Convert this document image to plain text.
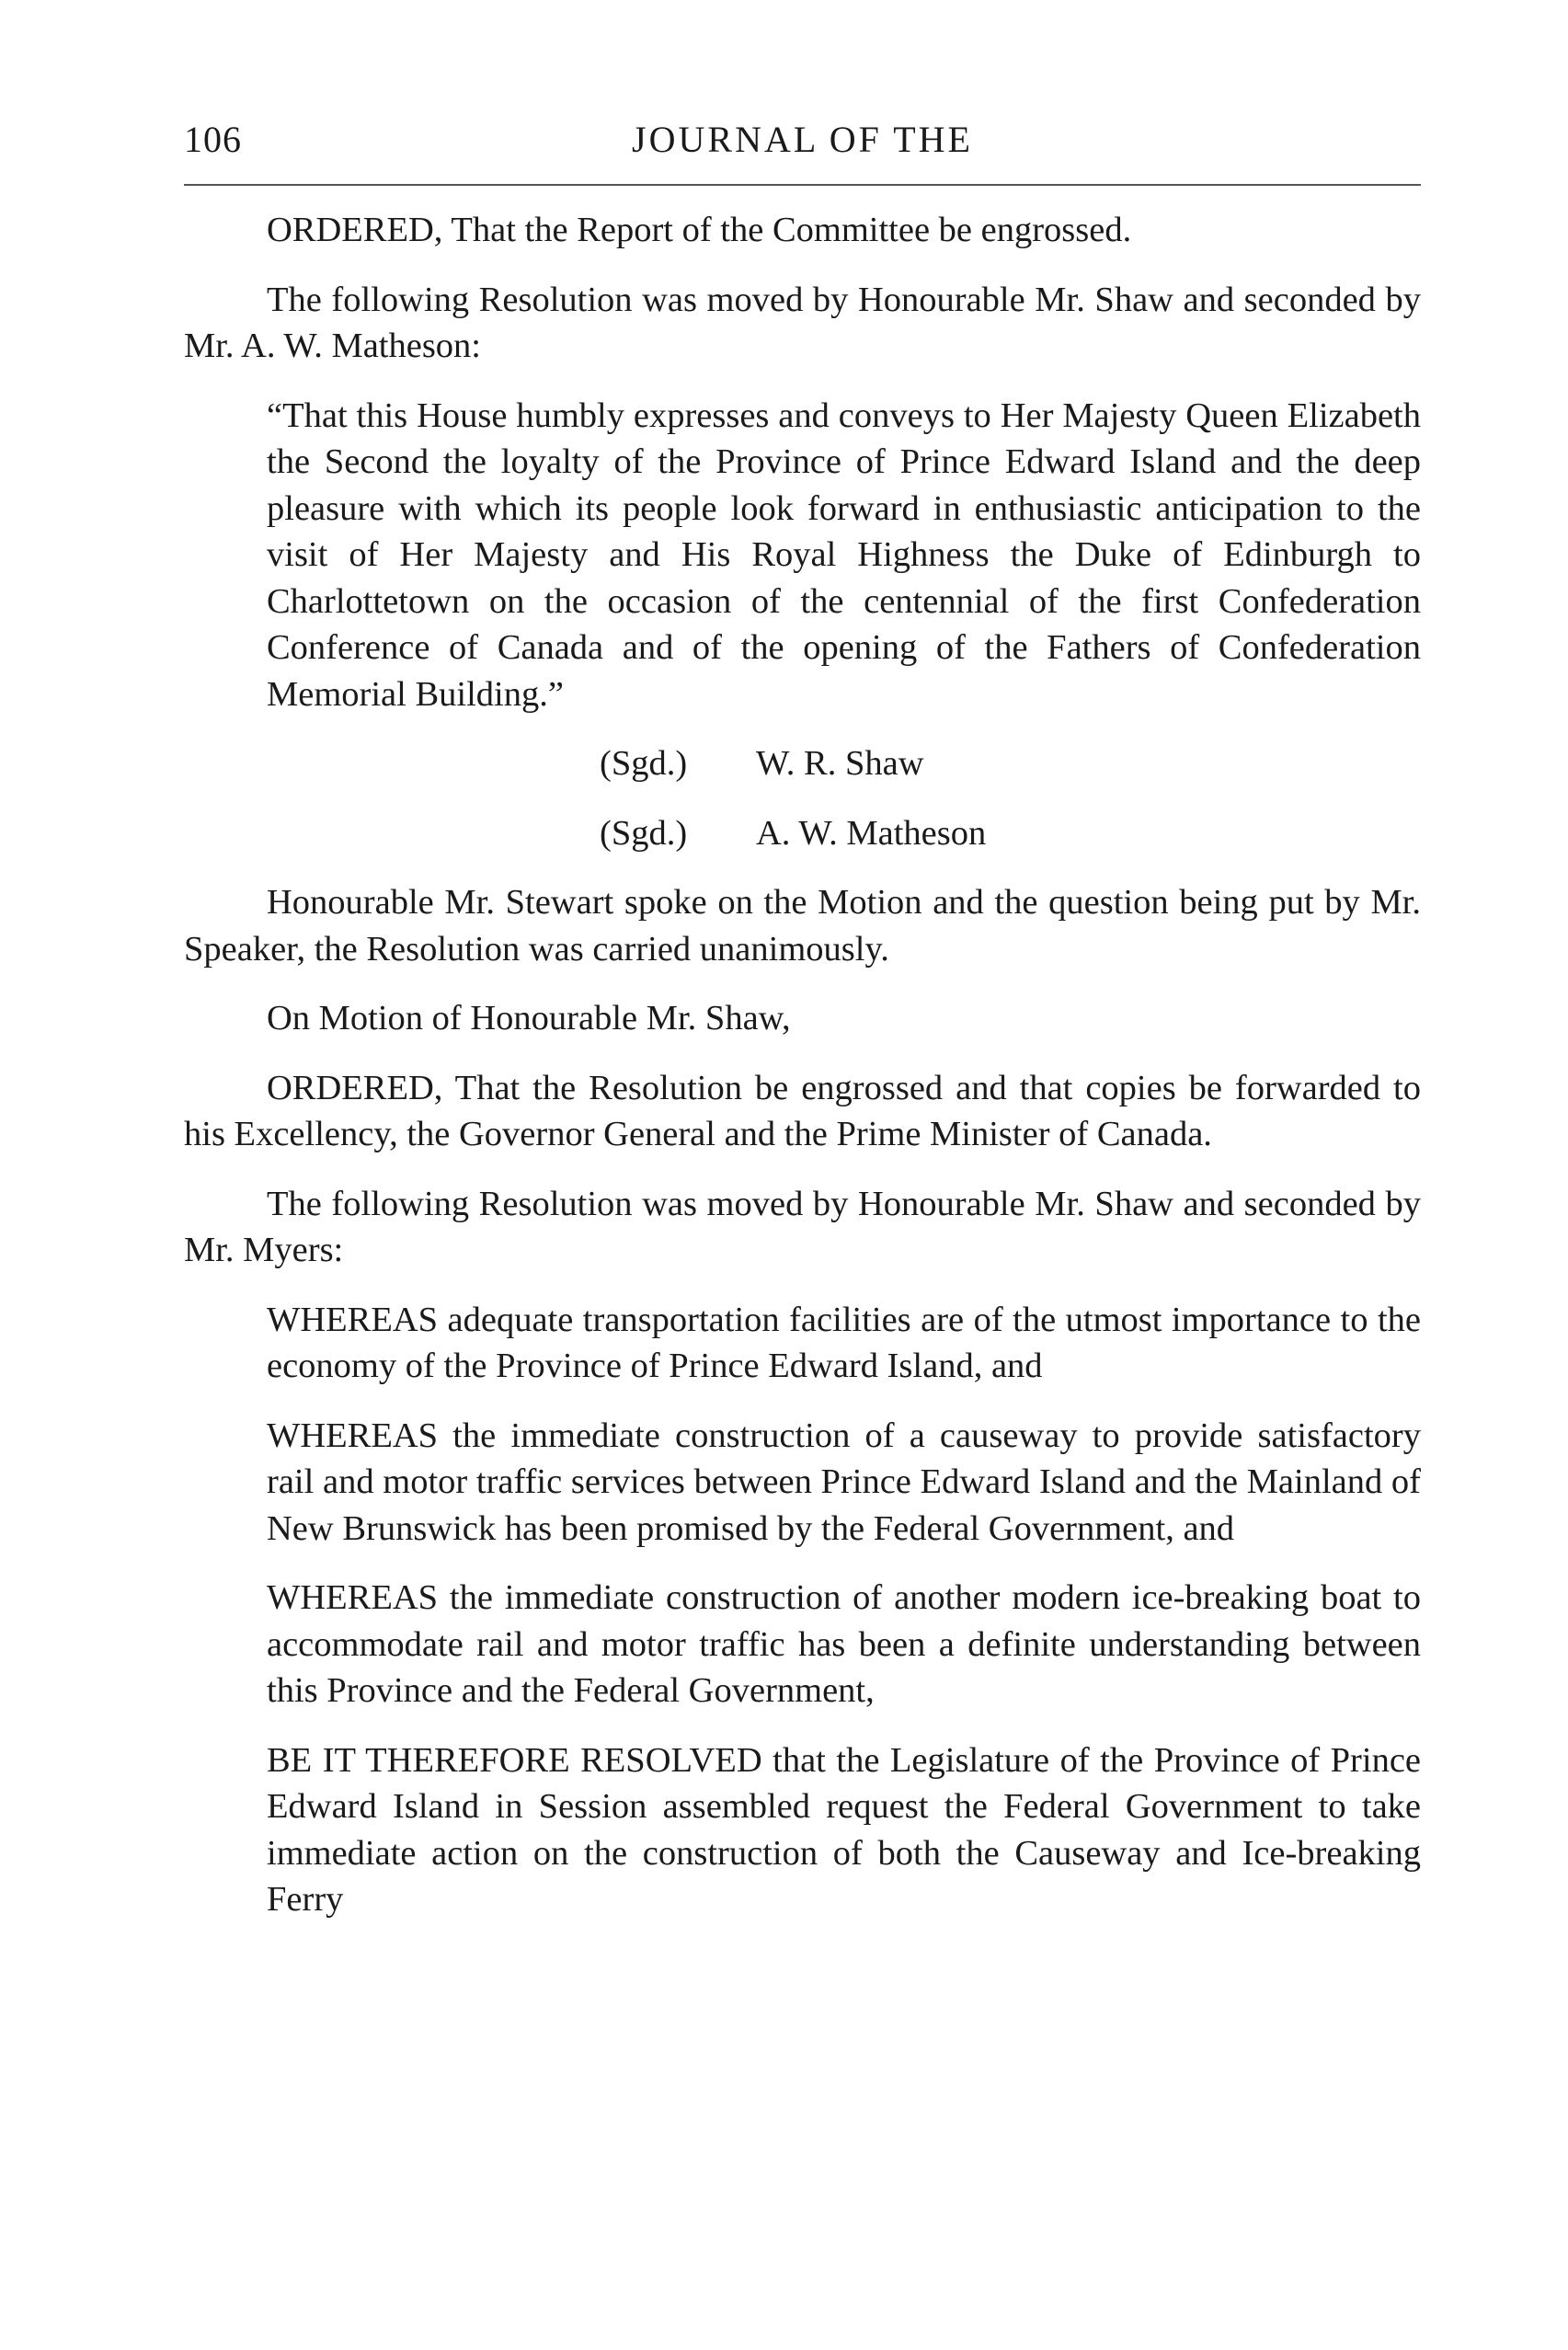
106	JOURNAL OF THE

ORDERED, That the Report of the Committee be engrossed.

The following Resolution was moved by Honourable Mr. Shaw and seconded by Mr. A. W. Matheson:

“That this House humbly expresses and conveys to Her Majesty Queen Elizabeth the Second the loyalty of the Province of Prince Edward Island and the deep pleasure with which its people look forward in enthusiastic anticipation to the visit of Her Majesty and His Royal Highness the Duke of Edinburgh to Charlottetown on the occasion of the centennial of the first Confederation Conference of Canada and of the opening of the Fathers of Confederation Memorial Building.”

(Sgd.) W. R. Shaw
(Sgd.) A. W. Matheson

Honourable Mr. Stewart spoke on the Motion and the question being put by Mr. Speaker, the Resolution was carried unanimously.

On Motion of Honourable Mr. Shaw,

ORDERED, That the Resolution be engrossed and that copies be forwarded to his Excellency, the Governor General and the Prime Minister of Canada.

The following Resolution was moved by Honourable Mr. Shaw and seconded by Mr. Myers:

WHEREAS adequate transportation facilities are of the utmost importance to the economy of the Province of Prince Edward Island, and

WHEREAS the immediate construction of a causeway to provide satisfactory rail and motor traffic services between Prince Edward Island and the Mainland of New Brunswick has been promised by the Federal Government, and

WHEREAS the immediate construction of another modern ice-breaking boat to accommodate rail and motor traffic has been a definite understanding between this Province and the Federal Government,

BE IT THEREFORE RESOLVED that the Legislature of the Province of Prince Edward Island in Session assembled request the Federal Government to take immediate action on the construction of both the Causeway and Ice-breaking Ferry
